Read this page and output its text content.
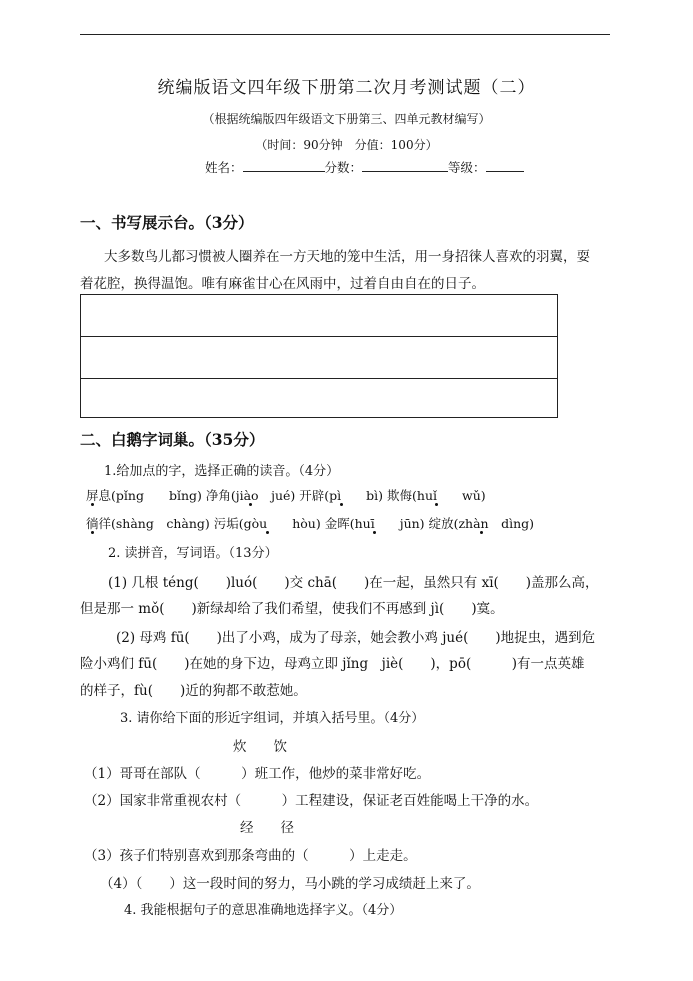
统编版语文四年级下册第二次月考测试题（二）
（根据统编版四年级语文下册第三、四单元教材编写）
（时间：90分钟　分值：100分）
姓名：	分数：	等级：
一、书写展示台。（3分）
大多数鸟儿都习惯被人圈养在一方天地的笼中生活，用一身招徕人喜欢的羽翼，耍
着花腔，换得温饱。唯有麻雀甘心在风雨中，过着自由自在的日子。
二、白鹅字词巢。（35分）
1.给加点的字，选择正确的读音。（4分）
屏息(pǐng　　bǐng) 净角(jiào　jué) 开辟(pì　　bì) 欺侮(huǐ　　wǔ)
徜徉(shàng　chàng) 污垢(gòu　　hòu) 金晖(huī　　jūn) 绽放(zhàn　dìng)
2. 读拼音，写词语。（13分）
(1) 几根 téng(　　)luó(　　)交 chā(　　)在一起，虽然只有 xī(　　)盖那么高，
但是那一 mǒ(　　)新绿却给了我们希望，使我们不再感到 jì(　　)寞。
(2) 母鸡 fū(　　)出了小鸡，成为了母亲，她会教小鸡 jué(　　)地捉虫，遇到危
险小鸡们 fū(　　)在她的身下边，母鸡立即 jǐng　jiè(　　)，pō(　　　)有一点英雄
的样子，fù(　　)近的狗都不敢惹她。
3. 请你给下面的形近字组词，并填入括号里。（4分）
炊　　饮
（1）哥哥在部队（　　　）班工作，他炒的菜非常好吃。
（2）国家非常重视农村（　　　）工程建设，保证老百姓能喝上干净的水。
经　　径
（3）孩子们特别喜欢到那条弯曲的（　　　）上走走。
（4）（　　）这一段时间的努力，马小跳的学习成绩赶上来了。
4. 我能根据句子的意思准确地选择字义。（4分）
